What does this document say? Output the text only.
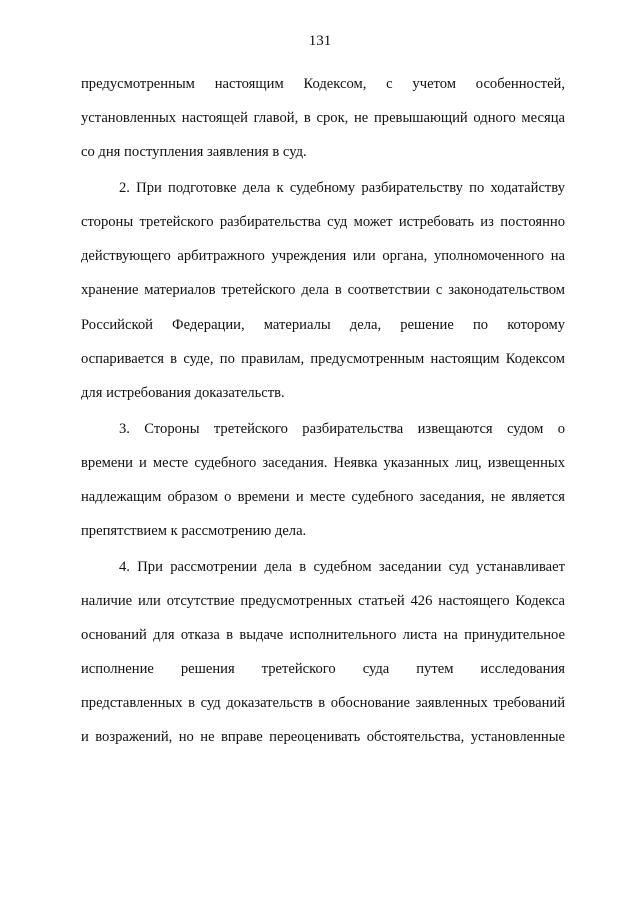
131
предусмотренным настоящим Кодексом, с учетом особенностей,
установленных настоящей главой, в срок, не превышающий одного месяца
со дня поступления заявления в суд.
2. При подготовке дела к судебному разбирательству по ходатайству
стороны третейского разбирательства суд может истребовать из постоянно
действующего арбитражного учреждения или органа, уполномоченного на
хранение материалов третейского дела в соответствии с законодательством
Российской Федерации, материалы дела, решение по которому
оспаривается в суде, по правилам, предусмотренным настоящим Кодексом
для истребования доказательств.
3. Стороны третейского разбирательства извещаются судом о
времени и месте судебного заседания. Неявка указанных лиц, извещенных
надлежащим образом о времени и месте судебного заседания, не является
препятствием к рассмотрению дела.
4. При рассмотрении дела в судебном заседании суд устанавливает
наличие или отсутствие предусмотренных статьей 426 настоящего Кодекса
оснований для отказа в выдаче исполнительного листа на принудительное
исполнение решения третейского суда путем исследования
представленных в суд доказательств в обоснование заявленных требований
и возражений, но не вправе переоценивать обстоятельства, установленные
